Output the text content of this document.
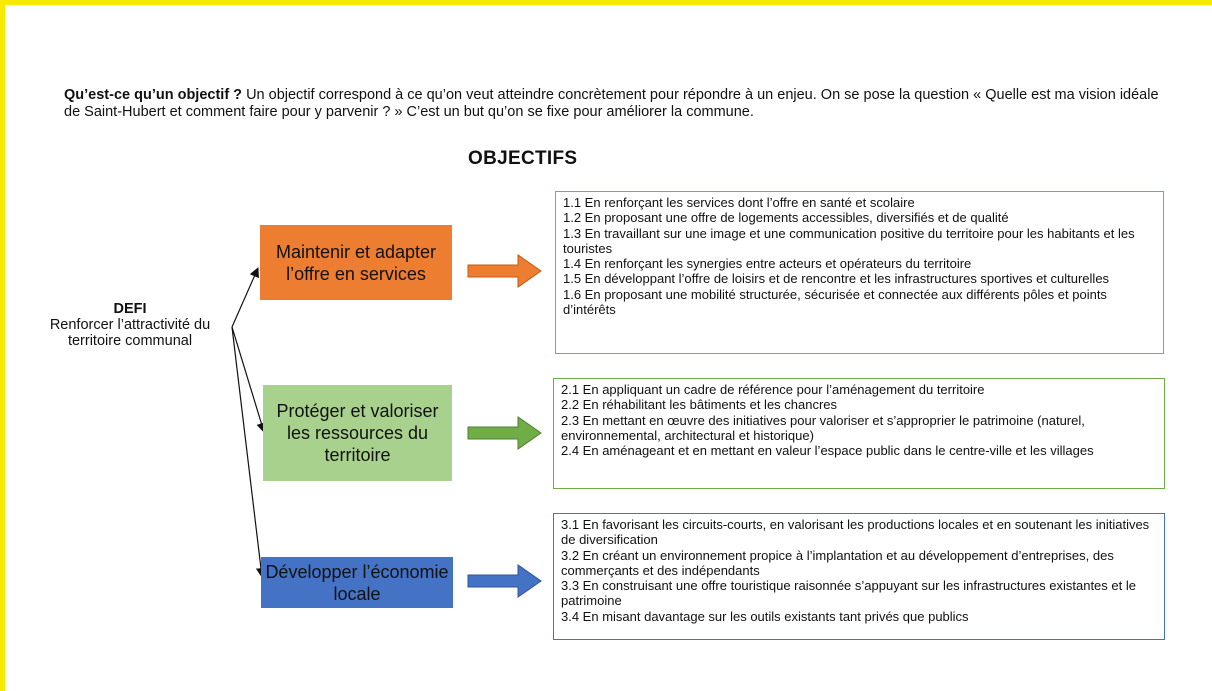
Qu’est-ce qu’un objectif ? Un objectif correspond à ce qu’on veut atteindre concrètement pour répondre à un enjeu. On se pose la question « Quelle est ma vision idéale de Saint-Hubert et comment faire pour y parvenir ? » C’est un but qu’on se fixe pour améliorer la commune.
OBJECTIFS
DEFI
Renforcer l’attractivité du territoire communal
Maintenir et adapter l’offre en services
Protéger et valoriser les ressources du territoire
Développer l’économie locale
1.1 En renforçant les services dont l’offre en santé et scolaire
1.2 En proposant une offre de logements accessibles, diversifiés et de qualité
1.3 En travaillant sur une image et une communication positive du territoire pour les habitants et les touristes
1.4 En renforçant les synergies entre acteurs et opérateurs du territoire
1.5 En développant l’offre de loisirs et de rencontre et les infrastructures sportives et culturelles
1.6 En proposant une mobilité structurée, sécurisée et connectée aux différents pôles et points d’intérêts
2.1 En appliquant un cadre de référence pour l’aménagement du territoire
2.2 En réhabilitant les bâtiments et les chancres
2.3 En mettant en œuvre des initiatives pour valoriser et s’approprier le patrimoine (naturel, environnemental, architectural et historique)
2.4 En aménageant et en mettant en valeur l’espace public dans le centre-ville et les villages
3.1 En favorisant les circuits-courts, en valorisant les productions locales et en soutenant les initiatives de diversification
3.2 En créant un environnement propice à l’implantation et au développement d’entreprises, des commerçants et des indépendants
3.3 En construisant une offre touristique raisonnée s’appuyant sur les infrastructures existantes et le patrimoine
3.4 En misant davantage sur les outils existants tant privés que publics
